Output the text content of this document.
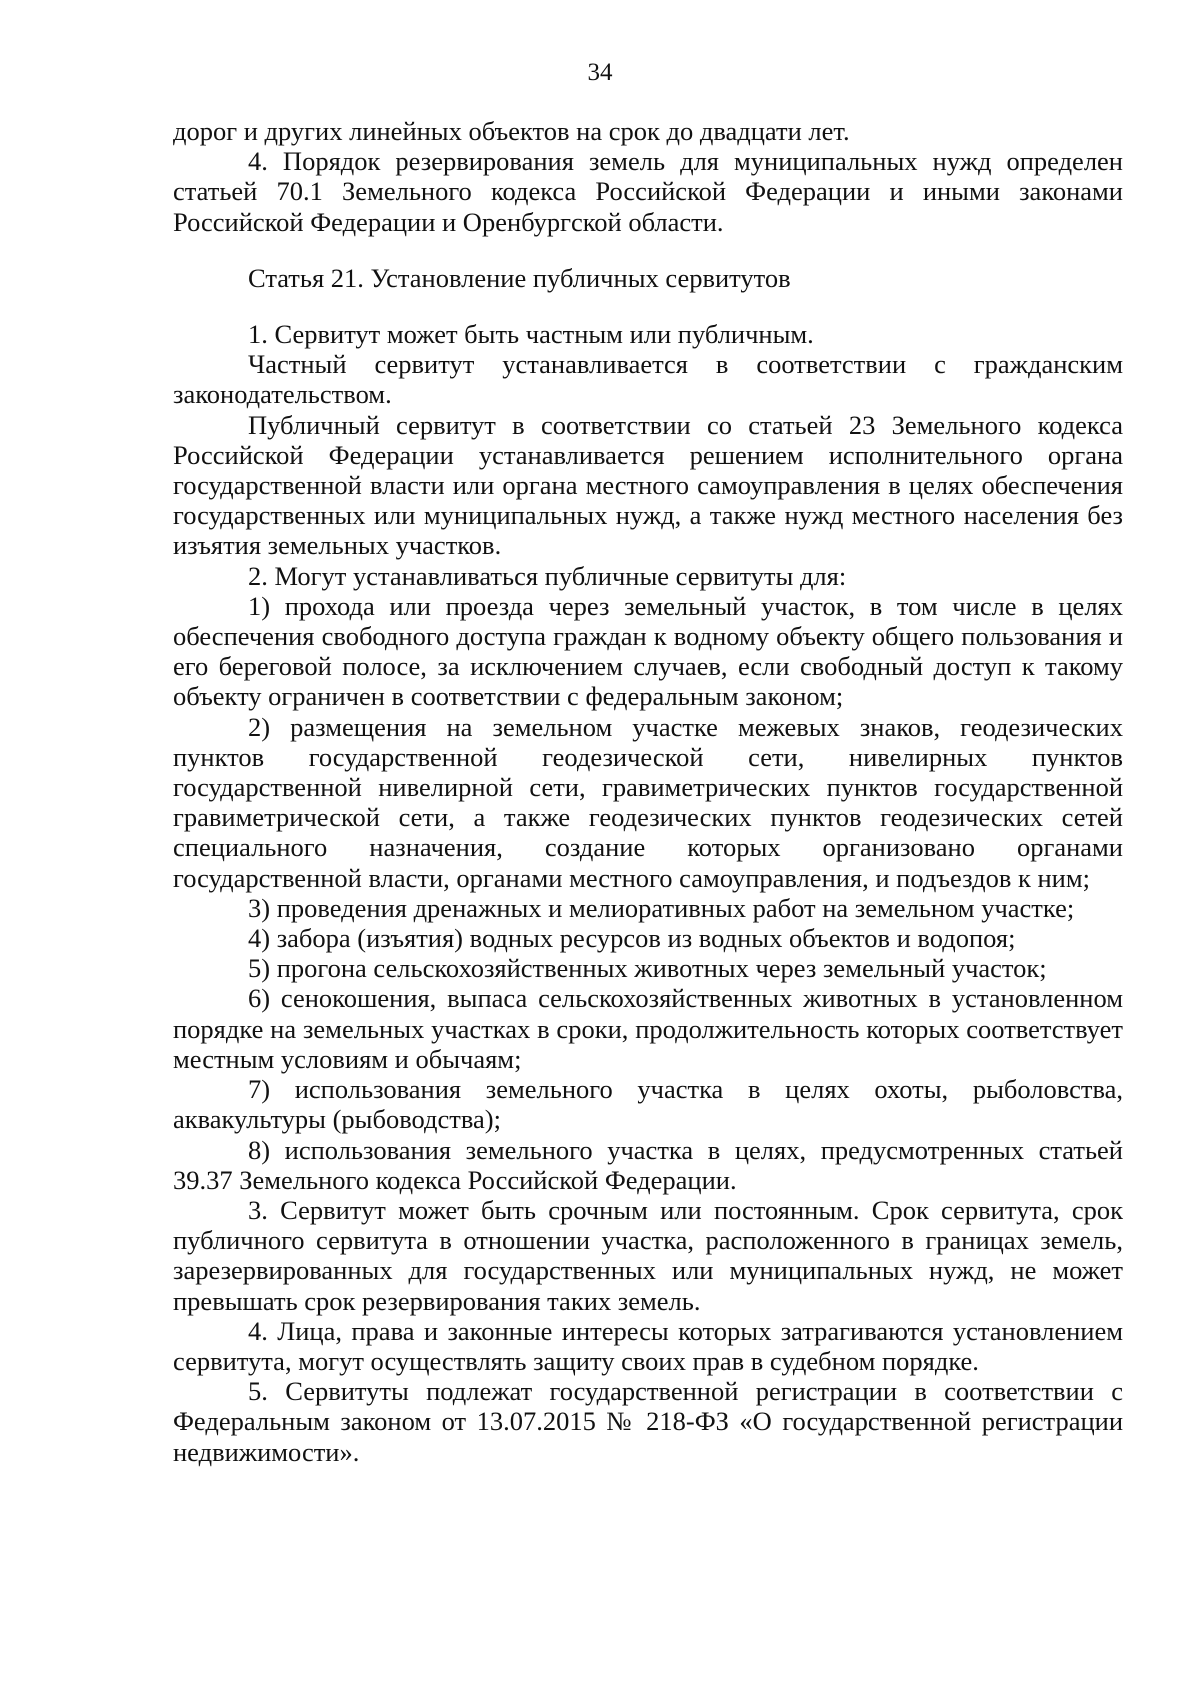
34

дорог и других линейных объектов на срок до двадцати лет.

4. Порядок резервирования земель для муниципальных нужд определен статьей 70.1 Земельного кодекса Российской Федерации и иными законами Российской Федерации и Оренбургской области.

Статья 21. Установление публичных сервитутов

1. Сервитут может быть частным или публичным.

Частный сервитут устанавливается в соответствии с гражданским законодательством.

Публичный сервитут в соответствии со статьей 23 Земельного кодекса Российской Федерации устанавливается решением исполнительного органа государственной власти или органа местного самоуправления в целях обеспечения государственных или муниципальных нужд, а также нужд местного населения без изъятия земельных участков.

2. Могут устанавливаться публичные сервитуты для:

1) прохода или проезда через земельный участок, в том числе в целях обеспечения свободного доступа граждан к водному объекту общего пользования и его береговой полосе, за исключением случаев, если свободный доступ к такому объекту ограничен в соответствии с федеральным законом;

2) размещения на земельном участке межевых знаков, геодезических пунктов государственной геодезической сети, нивелирных пунктов государственной нивелирной сети, гравиметрических пунктов государственной гравиметрической сети, а также геодезических пунктов геодезических сетей специального назначения, создание которых организовано органами государственной власти, органами местного самоуправления, и подъездов к ним;

3) проведения дренажных и мелиоративных работ на земельном участке;

4) забора (изъятия) водных ресурсов из водных объектов и водопоя;

5) прогона сельскохозяйственных животных через земельный участок;

6) сенокошения, выпаса сельскохозяйственных животных в установленном порядке на земельных участках в сроки, продолжительность которых соответствует местным условиям и обычаям;

7) использования земельного участка в целях охоты, рыболовства, аквакультуры (рыбоводства);

8) использования земельного участка в целях, предусмотренных статьей 39.37 Земельного кодекса Российской Федерации.

3. Сервитут может быть срочным или постоянным. Срок сервитута, срок публичного сервитута в отношении участка, расположенного в границах земель, зарезервированных для государственных или муниципальных нужд, не может превышать срок резервирования таких земель.

4. Лица, права и законные интересы которых затрагиваются установлением сервитута, могут осуществлять защиту своих прав в судебном порядке.

5. Сервитуты подлежат государственной регистрации в соответствии с Федеральным законом от 13.07.2015 № 218-ФЗ «О государственной регистрации недвижимости».
